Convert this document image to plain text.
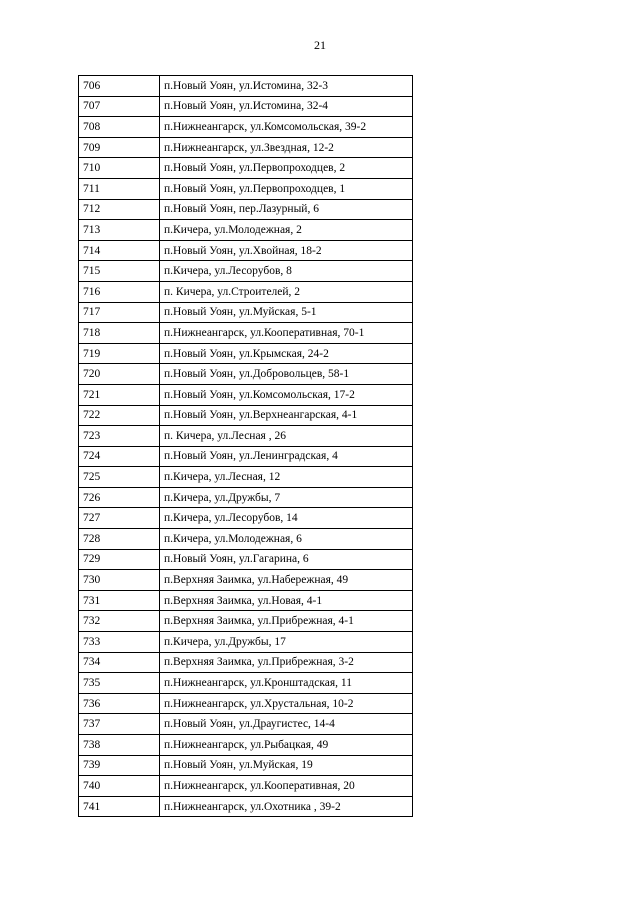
21
706	п.Новый Уоян, ул.Истомина, 32-3
707	п.Новый Уоян, ул.Истомина, 32-4
708	п.Нижнеангарск, ул.Комсомольская, 39-2
709	п.Нижнеангарск, ул.Звездная, 12-2
710	п.Новый Уоян, ул.Первопроходцев, 2
711	п.Новый Уоян, ул.Первопроходцев, 1
712	п.Новый Уоян, пер.Лазурный, 6
713	п.Кичера, ул.Молодежная, 2
714	п.Новый Уоян, ул.Хвойная, 18-2
715	п.Кичера, ул.Лесорубов, 8
716	п. Кичера, ул.Строителей, 2
717	п.Новый Уоян, ул.Муйская, 5-1
718	п.Нижнеангарск, ул.Кооперативная, 70-1
719	п.Новый Уоян, ул.Крымская, 24-2
720	п.Новый Уоян, ул.Добровольцев, 58-1
721	п.Новый Уоян, ул.Комсомольская, 17-2
722	п.Новый Уоян, ул.Верхнеангарская, 4-1
723	п. Кичера, ул.Лесная , 26
724	п.Новый Уоян, ул.Ленинградская, 4
725	п.Кичера, ул.Лесная, 12
726	п.Кичера, ул.Дружбы, 7
727	п.Кичера, ул.Лесорубов, 14
728	п.Кичера, ул.Молодежная, 6
729	п.Новый Уоян, ул.Гагарина, 6
730	п.Верхняя Заимка, ул.Набережная, 49
731	п.Верхняя Заимка, ул.Новая, 4-1
732	п.Верхняя Заимка, ул.Прибрежная, 4-1
733	п.Кичера, ул.Дружбы, 17
734	п.Верхняя Заимка, ул.Прибрежная, 3-2
735	п.Нижнеангарск, ул.Кронштадская, 11
736	п.Нижнеангарск, ул.Хрустальная, 10-2
737	п.Новый Уоян, ул.Драугистес, 14-4
738	п.Нижнеангарск, ул.Рыбацкая, 49
739	п.Новый Уоян, ул.Муйская, 19
740	п.Нижнеангарск, ул.Кооперативная, 20
741	п.Нижнеангарск, ул.Охотника , 39-2
